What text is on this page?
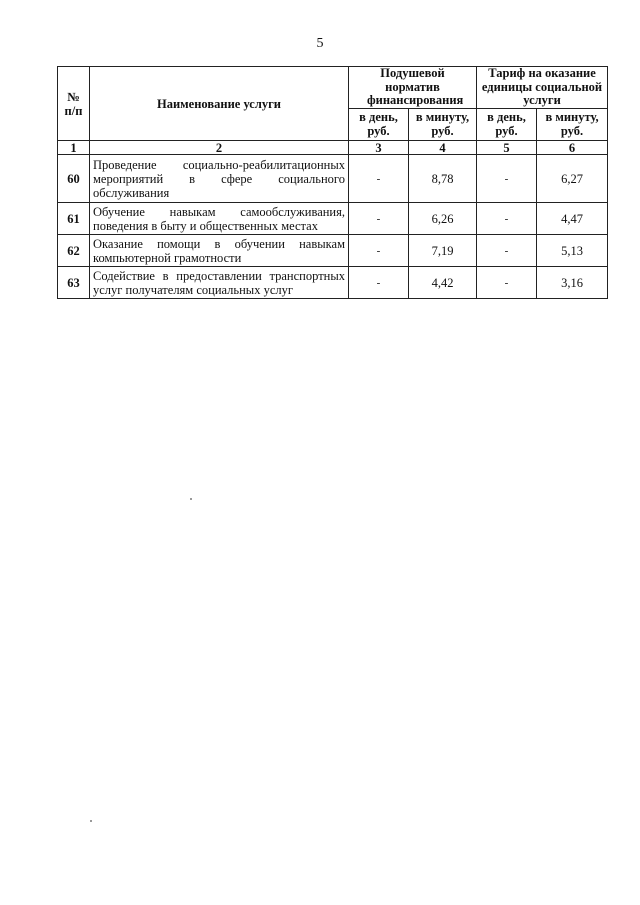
5
№
п/п	Наименование услуги	Подушевой норматив финансирования		Тариф на оказание единицы социальной услуги	
		в день, руб.	в минуту, руб.	в день, руб.	в минуту, руб.
1	2	3	4	5	6
60	Проведение социально-реабилитационных мероприятий в сфере социального обслуживания	-	8,78	-	6,27
61	Обучение навыкам самообслуживания, поведения в быту и общественных местах	-	6,26	-	4,47
62	Оказание помощи в обучении навыкам компьютерной грамотности	-	7,19	-	5,13
63	Содействие в предоставлении транспортных услуг получателям социальных услуг	-	4,42	-	3,16
